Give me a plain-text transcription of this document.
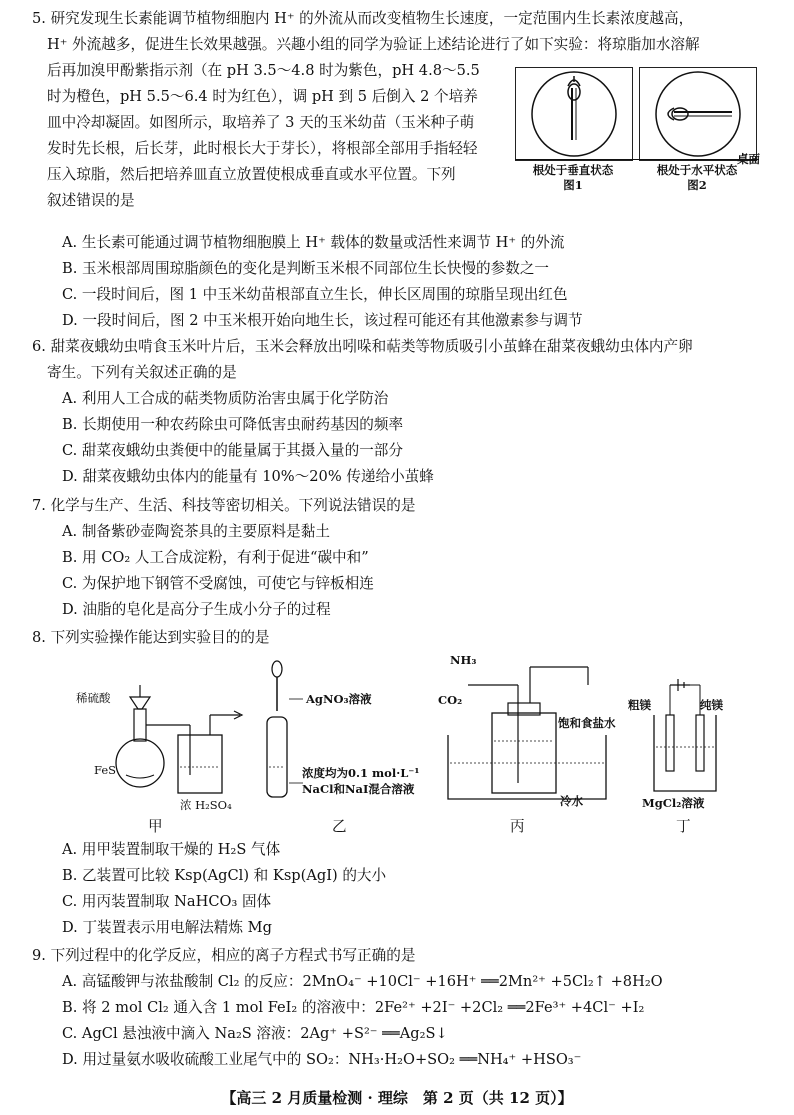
5. 研究发现生长素能调节植物细胞内 H⁺ 的外流从而改变植物生长速度，一定范围内生长素浓度越高，
H⁺ 外流越多，促进生长效果越强。兴趣小组的同学为验证上述结论进行了如下实验：将琼脂加水溶解
后再加溴甲酚紫指示剂（在 pH 3.5～4.8 时为紫色，pH 4.8～5.5
时为橙色，pH 5.5～6.4 时为红色），调 pH 到 5 后倒入 2 个培养
皿中冷却凝固。如图所示，取培养了 3 天的玉米幼苗（玉米种子萌
发时先长根，后长芽，此时根长大于芽长），将根部全部用手指轻轻
压入琼脂，然后把培养皿直立放置使根成垂直或水平位置。下列
叙述错误的是
根处于垂直状态
图1
根处于水平状态
图2
桌面
A. 生长素可能通过调节植物细胞膜上 H⁺ 载体的数量或活性来调节 H⁺ 的外流
B. 玉米根部周围琼脂颜色的变化是判断玉米根不同部位生长快慢的参数之一
C. 一段时间后，图 1 中玉米幼苗根部直立生长，伸长区周围的琼脂呈现出红色
D. 一段时间后，图 2 中玉米根开始向地生长，该过程可能还有其他激素参与调节
6. 甜菜夜蛾幼虫啃食玉米叶片后，玉米会释放出吲哚和萜类等物质吸引小茧蜂在甜菜夜蛾幼虫体内产卵
寄生。下列有关叙述正确的是
A. 利用人工合成的萜类物质防治害虫属于化学防治
B. 长期使用一种农药除虫可降低害虫耐药基因的频率
C. 甜菜夜蛾幼虫粪便中的能量属于其摄入量的一部分
D. 甜菜夜蛾幼虫体内的能量有 10%～20% 传递给小茧蜂
7. 化学与生产、生活、科技等密切相关。下列说法错误的是
A. 制备紫砂壶陶瓷茶具的主要原料是黏土
B. 用 CO₂ 人工合成淀粉，有利于促进“碳中和”
C. 为保护地下钢管不受腐蚀，可使它与锌板相连
D. 油脂的皂化是高分子生成小分子的过程
8. 下列实验操作能达到实验目的的是
稀硫酸
FeS
浓 H₂SO₄
AgNO₃溶液
浓度均为0.1 mol·L⁻¹
NaCl和NaI混合溶液
NH₃
CO₂
饱和食盐水
冷水
粗镁	纯镁
MgCl₂溶液
甲	乙	丙	丁
A. 用甲装置制取干燥的 H₂S 气体
B. 乙装置可比较 Ksp(AgCl) 和 Ksp(AgI) 的大小
C. 用丙装置制取 NaHCO₃ 固体
D. 丁装置表示用电解法精炼 Mg
9. 下列过程中的化学反应，相应的离子方程式书写正确的是
A. 高锰酸钾与浓盐酸制 Cl₂ 的反应：2MnO₄⁻ +10Cl⁻ +16H⁺ ══2Mn²⁺ +5Cl₂↑ +8H₂O
B. 将 2 mol Cl₂ 通入含 1 mol FeI₂ 的溶液中：2Fe²⁺ +2I⁻ +2Cl₂ ══2Fe³⁺ +4Cl⁻ +I₂
C. AgCl 悬浊液中滴入 Na₂S 溶液：2Ag⁺ +S²⁻ ══Ag₂S↓
D. 用过量氨水吸收硫酸工业尾气中的 SO₂：NH₃·H₂O+SO₂ ══NH₄⁺ +HSO₃⁻
【高三 2 月质量检测 · 理综　第 2 页（共 12 页）】
